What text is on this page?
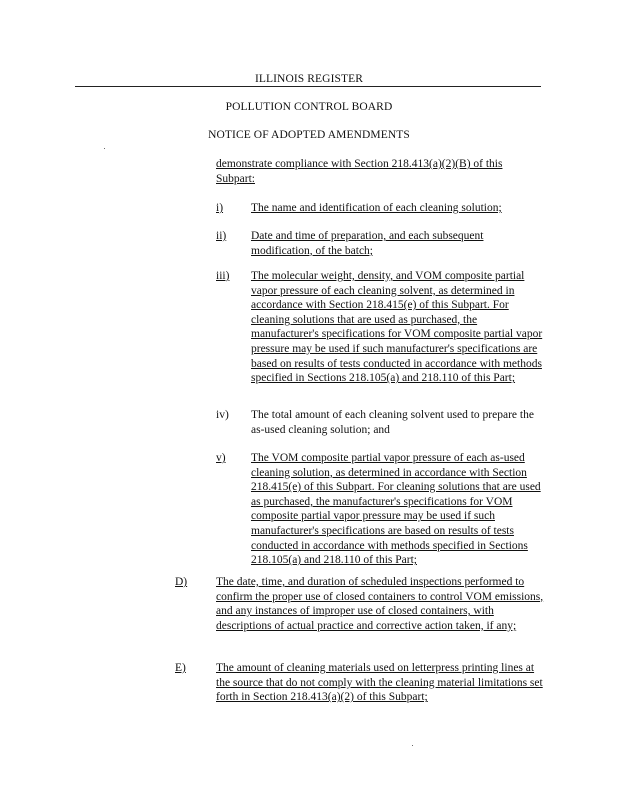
ILLINOIS REGISTER
POLLUTION CONTROL BOARD
NOTICE OF ADOPTED AMENDMENTS

demonstrate compliance with Section 218.413(a)(2)(B) of this Subpart:

i) The name and identification of each cleaning solution;

ii) Date and time of preparation, and each subsequent modification, of the batch;

iii) The molecular weight, density, and VOM composite partial vapor pressure of each cleaning solvent, as determined in accordance with Section 218.415(e) of this Subpart. For cleaning solutions that are used as purchased, the manufacturer's specifications for VOM composite partial vapor pressure may be used if such manufacturer's specifications are based on results of tests conducted in accordance with methods specified in Sections 218.105(a) and 218.110 of this Part;

iv) The total amount of each cleaning solvent used to prepare the as-used cleaning solution; and

v) The VOM composite partial vapor pressure of each as-used cleaning solution, as determined in accordance with Section 218.415(e) of this Subpart. For cleaning solutions that are used as purchased, the manufacturer's specifications for VOM composite partial vapor pressure may be used if such manufacturer's specifications are based on results of tests conducted in accordance with methods specified in Sections 218.105(a) and 218.110 of this Part;

D)	The date, time, and duration of scheduled inspections performed to confirm the proper use of closed containers to control VOM emissions, and any instances of improper use of closed containers, with descriptions of actual practice and corrective action taken, if any;

E)	The amount of cleaning materials used on letterpress printing lines at the source that do not comply with the cleaning material limitations set forth in Section 218.413(a)(2) of this Subpart;
